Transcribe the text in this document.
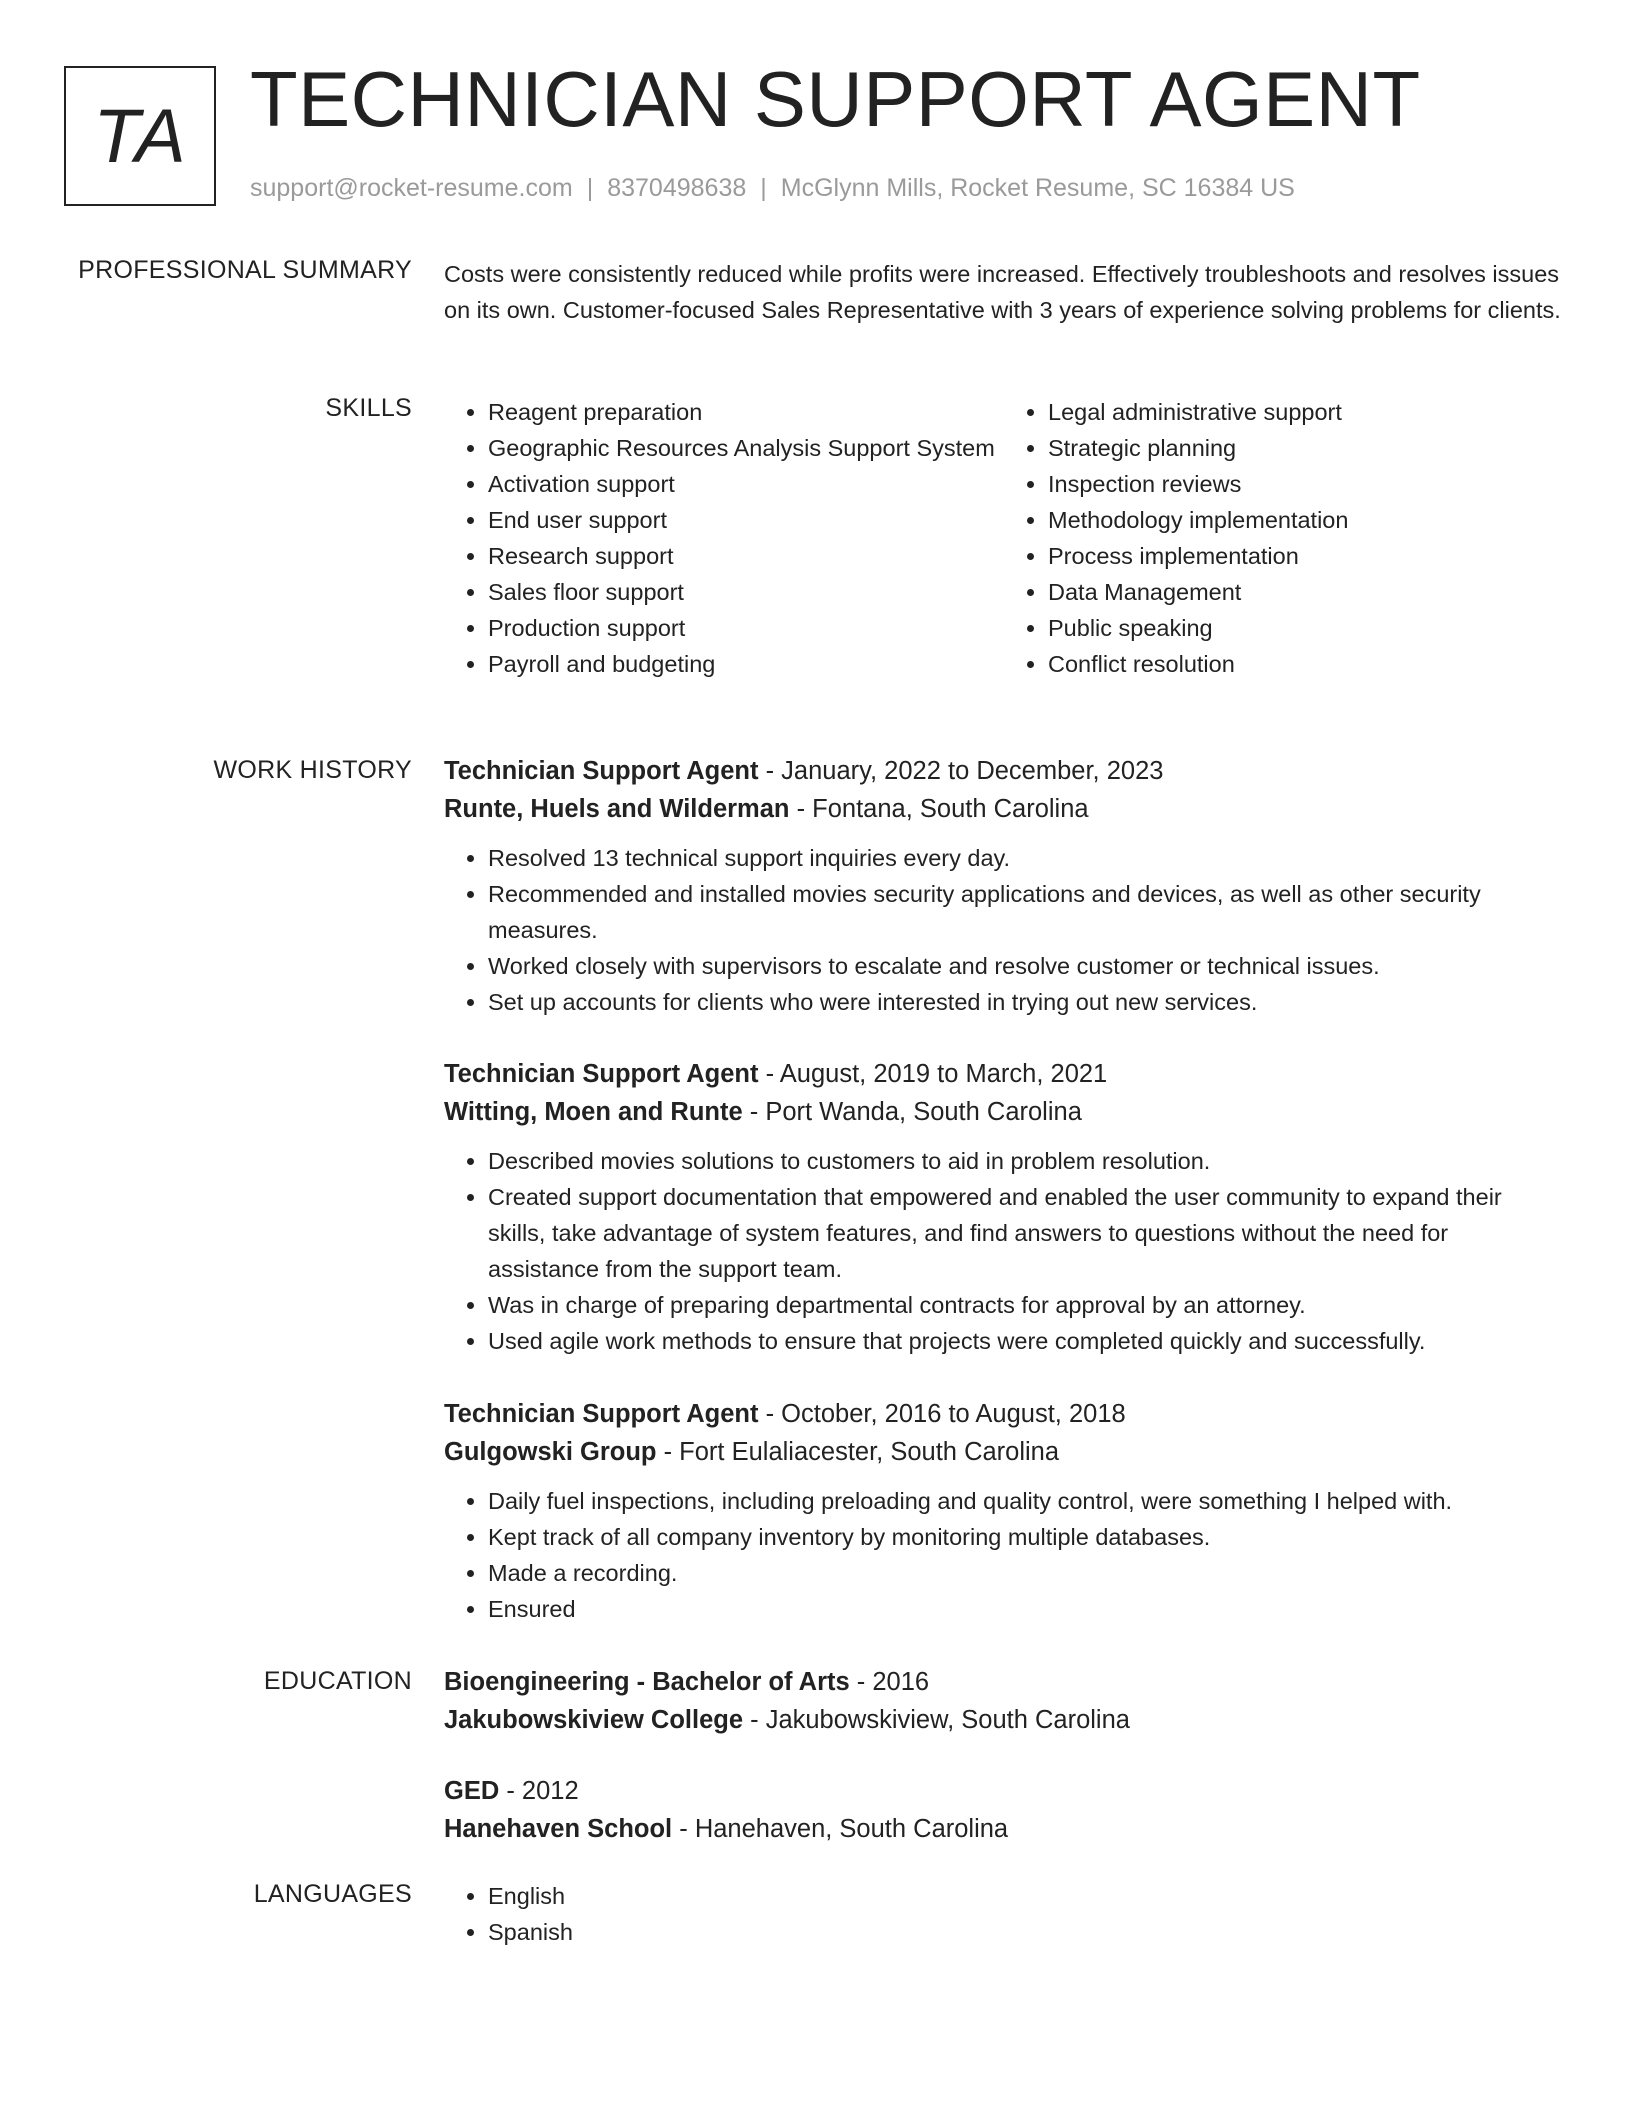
TA TECHNICIAN SUPPORT AGENT
support@rocket-resume.com | 8370498638 | McGlynn Mills, Rocket Resume, SC 16384 US
PROFESSIONAL SUMMARY Costs were consistently reduced while profits were increased. Effectively troubleshoots and resolves issues on its own. Customer-focused Sales Representative with 3 years of experience solving problems for clients.
SKILLS	• Reagent preparation
• Geographic Resources Analysis Support System
• Activation support
• End user support
• Research support
• Sales floor support
• Production support
• Payroll and budgeting
• Legal administrative support
• Strategic planning
• Inspection reviews
• Methodology implementation
• Process implementation
• Data Management
• Public speaking
• Conflict resolution
WORK HISTORY Technician Support Agent - January, 2022 to December, 2023
Runte, Huels and Wilderman - Fontana, South Carolina
• Resolved 13 technical support inquiries every day.
• Recommended and installed movies security applications and devices, as well as other security measures.
• Worked closely with supervisors to escalate and resolve customer or technical issues.
• Set up accounts for clients who were interested in trying out new services.
Technician Support Agent - August, 2019 to March, 2021
Witting, Moen and Runte - Port Wanda, South Carolina
• Described movies solutions to customers to aid in problem resolution.
• Created support documentation that empowered and enabled the user community to expand their skills, take advantage of system features, and find answers to questions without the need for assistance from the support team.
• Was in charge of preparing departmental contracts for approval by an attorney.
• Used agile work methods to ensure that projects were completed quickly and successfully.
Technician Support Agent - October, 2016 to August, 2018
Gulgowski Group - Fort Eulaliacester, South Carolina
• Daily fuel inspections, including preloading and quality control, were something I helped with.
• Kept track of all company inventory by monitoring multiple databases.
• Made a recording.
• Ensured
EDUCATION Bioengineering - Bachelor of Arts - 2016
Jakubowskiview College - Jakubowskiview, South Carolina
GED - 2012
Hanehaven School - Hanehaven, South Carolina
LANGUAGES	• English
• Spanish
